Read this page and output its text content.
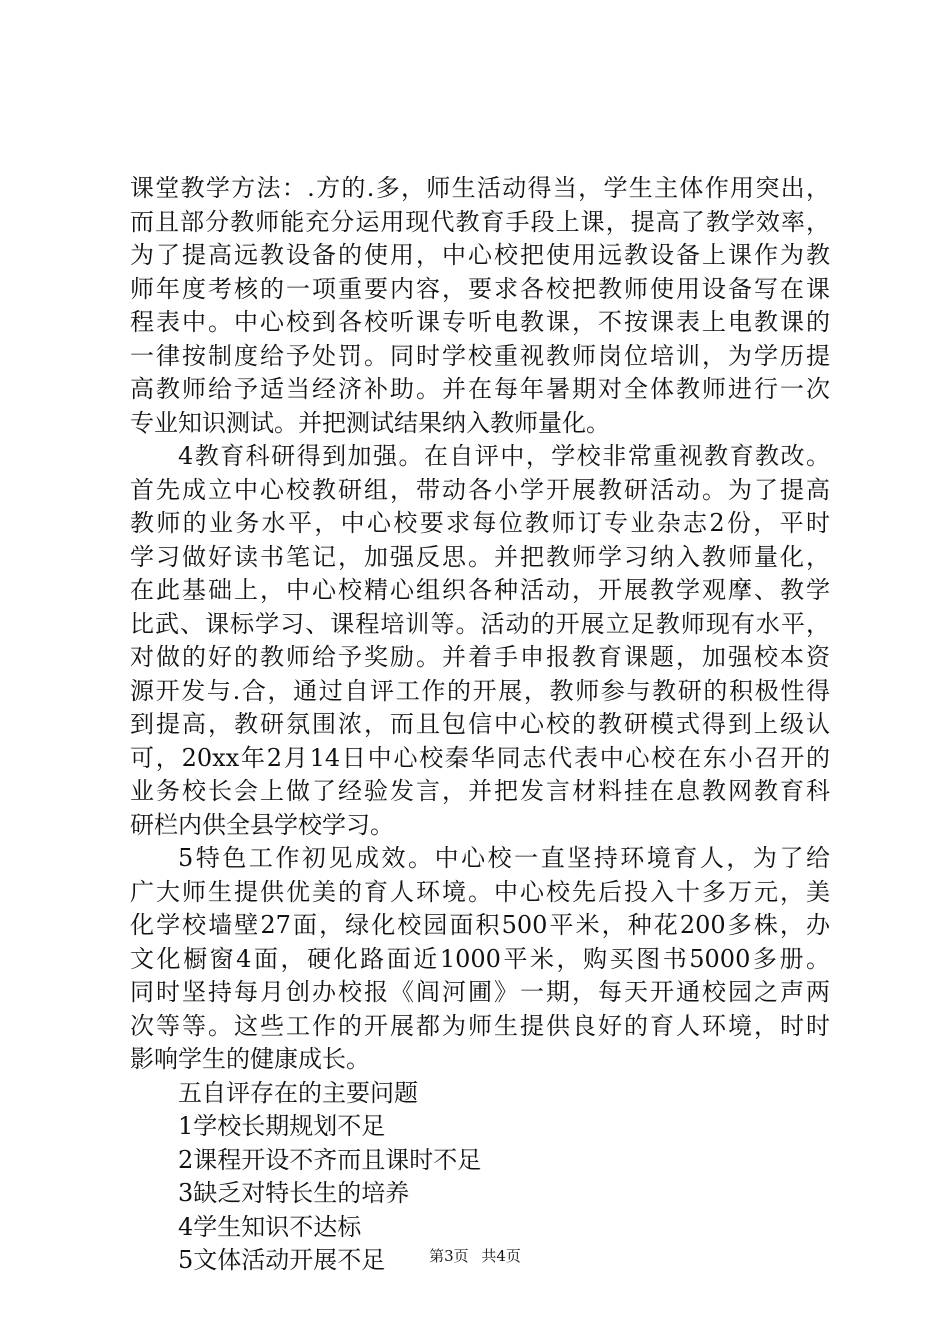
课堂教学方法：.方的.多，师生活动得当，学生主体作用突出，
而且部分教师能充分运用现代教育手段上课，提高了教学效率，
为了提高远教设备的使用，中心校把使用远教设备上课作为教
师年度考核的一项重要内容，要求各校把教师使用设备写在课
程表中。中心校到各校听课专听电教课，不按课表上电教课的
一律按制度给予处罚。同时学校重视教师岗位培训，为学历提
高教师给予适当经济补助。并在每年暑期对全体教师进行一次
专业知识测试。并把测试结果纳入教师量化。
4教育科研得到加强。在自评中，学校非常重视教育教改。
首先成立中心校教研组，带动各小学开展教研活动。为了提高
教师的业务水平，中心校要求每位教师订专业杂志2份，平时
学习做好读书笔记，加强反思。并把教师学习纳入教师量化，
在此基础上，中心校精心组织各种活动，开展教学观摩、教学
比武、课标学习、课程培训等。活动的开展立足教师现有水平，
对做的好的教师给予奖励。并着手申报教育课题，加强校本资
源开发与.合，通过自评工作的开展，教师参与教研的积极性得
到提高，教研氛围浓，而且包信中心校的教研模式得到上级认
可，20xx年2月14日中心校秦华同志代表中心校在东小召开的
业务校长会上做了经验发言，并把发言材料挂在息教网教育科
研栏内供全县学校学习。
5特色工作初见成效。中心校一直坚持环境育人，为了给
广大师生提供优美的育人环境。中心校先后投入十多万元，美
化学校墙壁27面，绿化校园面积500平米，种花200多株，办
文化橱窗4面，硬化路面近1000平米，购买图书5000多册。
同时坚持每月创办校报《闾河圃》一期，每天开通校园之声两
次等等。这些工作的开展都为师生提供良好的育人环境，时时
影响学生的健康成长。
五自评存在的主要问题
1学校长期规划不足
2课程开设不齐而且课时不足
3缺乏对特长生的培养
4学生知识不达标
5文体活动开展不足	第3页 共4页
